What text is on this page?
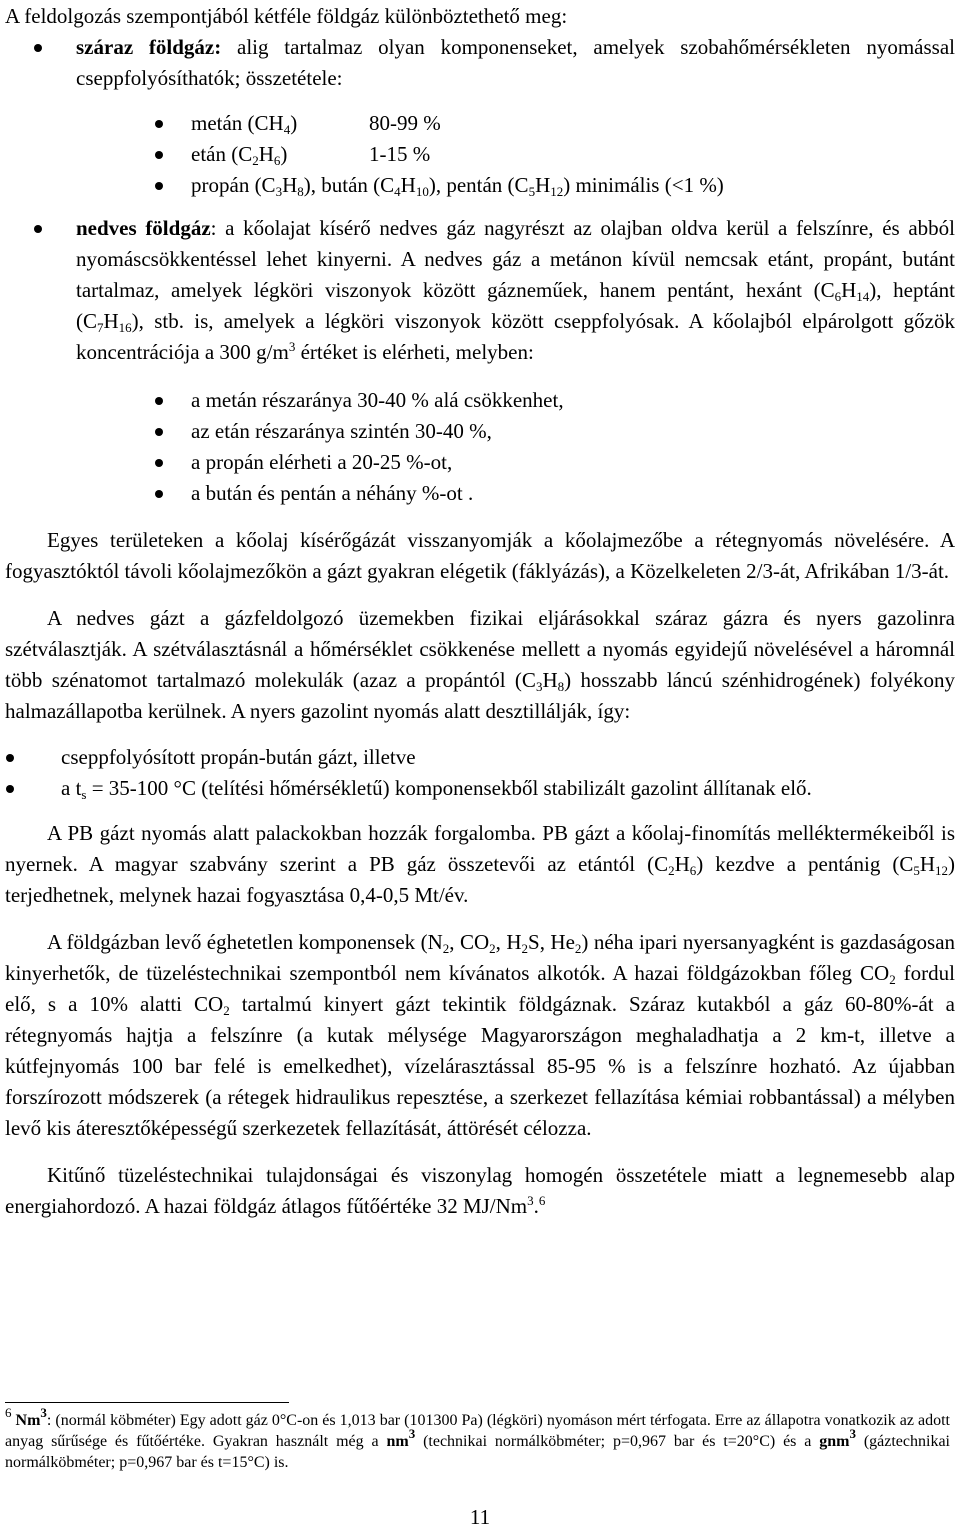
A feldolgozás szempontjából kétféle földgáz különböztethető meg:

száraz földgáz: alig tartalmaz olyan komponenseket, amelyek szobahőmérsékleten nyomással cseppfolyósíthatók; összetétele:
metán $(CH_4)$	80-99 %
etán $(C_2H_6)$	1-15 %
propán $(C_3H_8)$, bután $(C_4H_{10})$, pentán $(C_5H_{12})$ minimális (<1 %)
nedves földgáz: a kőolajat kísérő nedves gáz nagyrészt az olajban oldva kerül a felszínre, és abból nyomáscsökkentéssel lehet kinyerni. A nedves gáz a metánon kívül nemcsak etánt, propánt, butánt tartalmaz, amelyek légköri viszonyok között gázneműek, hanem pentánt, hexánt $(C_6H_{14})$, heptánt $(C_7H_{16})$, stb. is, amelyek a légköri viszonyok között cseppfolyósak. A kőolajból elpárolgott gőzök koncentrációja a 300 $g/m^3$ értéket is elérheti, melyben:
a metán részaránya 30-40 % alá csökkenhet,
az etán részaránya szintén 30-40 %,
a propán elérheti a 20-25 %-ot,
a bután és pentán a néhány %-ot .

Egyes területeken a kőolaj kísérőgázát visszanyomják a kőolajmezőbe a rétegnyomás növelésére. A fogyasztóktól távoli kőolajmezőkön a gázt gyakran elégetik (fáklyázás), a Közelkeleten 2/3-át, Afrikában 1/3-át.

A nedves gázt a gázfeldolgozó üzemekben fizikai eljárásokkal száraz gázra és nyers gazolinra szétválasztják. A szétválasztásnál a hőmérséklet csökkenése mellett a nyomás egyidejű növelésével a háromnál több szénatomot tartalmazó molekulák (azaz a propántól $(C_3H_8)$ hosszabb láncú szénhidrogének) folyékony halmazállapotba kerülnek. A nyers gazolint nyomás alatt desztillálják, így:

cseppfolyósított propán-bután gázt, illetve
a $t_s = 35-100$ °C (telítési hőmérsékletű) komponensekből stabilizált gazolint állítanak elő.

A PB gázt nyomás alatt palackokban hozzák forgalomba. PB gázt a kőolaj-finomítás melléktermékeiből is nyernek. A magyar szabvány szerint a PB gáz összetevői az etántól $(C_2H_6)$ kezdve a pentánig $(C_5H_{12})$ terjedhetnek, melynek hazai fogyasztása 0,4-0,5 Mt/év.

A földgázban levő éghetetlen komponensek ($N_2$, $CO_2$, $H_2S$, $He_2$) néha ipari nyersanyagként is gazdaságosan kinyerhetők, de tüzeléstechnikai szempontból nem kívánatos alkotók. A hazai földgázokban főleg $CO_2$ fordul elő, s a 10% alatti $CO_2$ tartalmú kinyert gázt tekintik földgáznak. Száraz kutakból a gáz 60-80%-át a rétegnyomás hajtja a felszínre (a kutak mélysége Magyarországon meghaladhatja a 2 km-t, illetve a kútfejnyomás 100 bar felé is emelkedhet), vízelárasztással 85-95 % is a felszínre hozható. Az újabban forszírozott módszerek (a rétegek hidraulikus repesztése, a szerkezet fellazítása kémiai robbantással) a mélyben levő kis áteresztőképességű szerkezetek fellazítását, áttörését célozza.

Kitűnő tüzeléstechnikai tulajdonságai és viszonylag homogén összetétele miatt a legnemesebb alap energiahordozó. A hazai földgáz átlagos fűtőértéke 32 MJ/Nm$^3$.$^6$

$^6$ Nm$^3$: (normál köbméter) Egy adott gáz 0°C-on és 1,013 bar (101300 Pa) (légköri) nyomáson mért térfogata. Erre az állapotra vonatkozik az adott anyag sűrűsége és fűtőértéke. Gyakran használt még a $nm^3$ (technikai normálköbméter; p=0,967 bar és t=20°C) és a gnm$^3$ (gáztechnikai normálköbméter; p=0,967 bar és t=15°C) is.
11
